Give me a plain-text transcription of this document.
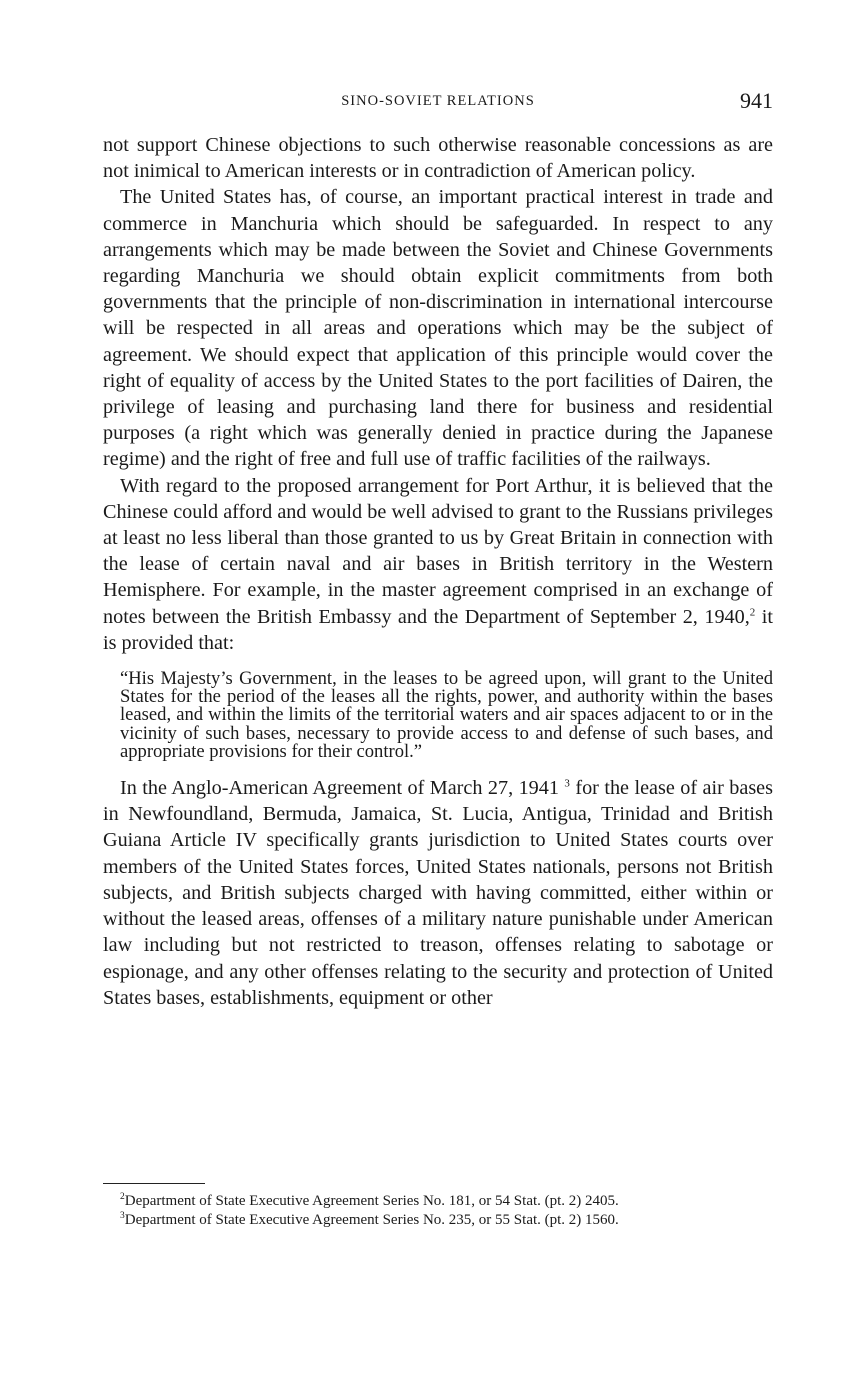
SINO-SOVIET RELATIONS	941

not support Chinese objections to such otherwise reasonable concessions as are not inimical to American interests or in contradiction of American policy.

The United States has, of course, an important practical interest in trade and commerce in Manchuria which should be safeguarded. In respect to any arrangements which may be made between the Soviet and Chinese Governments regarding Manchuria we should obtain explicit commitments from both governments that the principle of non-discrimination in international intercourse will be respected in all areas and operations which may be the subject of agreement. We should expect that application of this principle would cover the right of equality of access by the United States to the port facilities of Dairen, the privilege of leasing and purchasing land there for business and residential purposes (a right which was generally denied in practice during the Japanese regime) and the right of free and full use of traffic facilities of the railways.

With regard to the proposed arrangement for Port Arthur, it is believed that the Chinese could afford and would be well advised to grant to the Russians privileges at least no less liberal than those granted to us by Great Britain in connection with the lease of certain naval and air bases in British territory in the Western Hemisphere. For example, in the master agreement comprised in an exchange of notes between the British Embassy and the Department of September 2, 1940,$^2$ it is provided that:

“His Majesty’s Government, in the leases to be agreed upon, will grant to the United States for the period of the leases all the rights, power, and authority within the bases leased, and within the limits of the territorial waters and air spaces adjacent to or in the vicinity of such bases, necessary to provide access to and defense of such bases, and appropriate provisions for their control.”

In the Anglo-American Agreement of March 27, 1941 $^3$ for the lease of air bases in Newfoundland, Bermuda, Jamaica, St. Lucia, Antigua, Trinidad and British Guiana Article IV specifically grants jurisdiction to United States courts over members of the United States forces, United States nationals, persons not British subjects, and British subjects charged with having committed, either within or without the leased areas, offenses of a military nature punishable under American law including but not restricted to treason, offenses relating to sabotage or espionage, and any other offenses relating to the security and protection of United States bases, establishments, equipment or other

$^2$Department of State Executive Agreement Series No. 181, or 54 Stat. (pt. 2) 2405.

$^3$Department of State Executive Agreement Series No. 235, or 55 Stat. (pt. 2) 1560.
